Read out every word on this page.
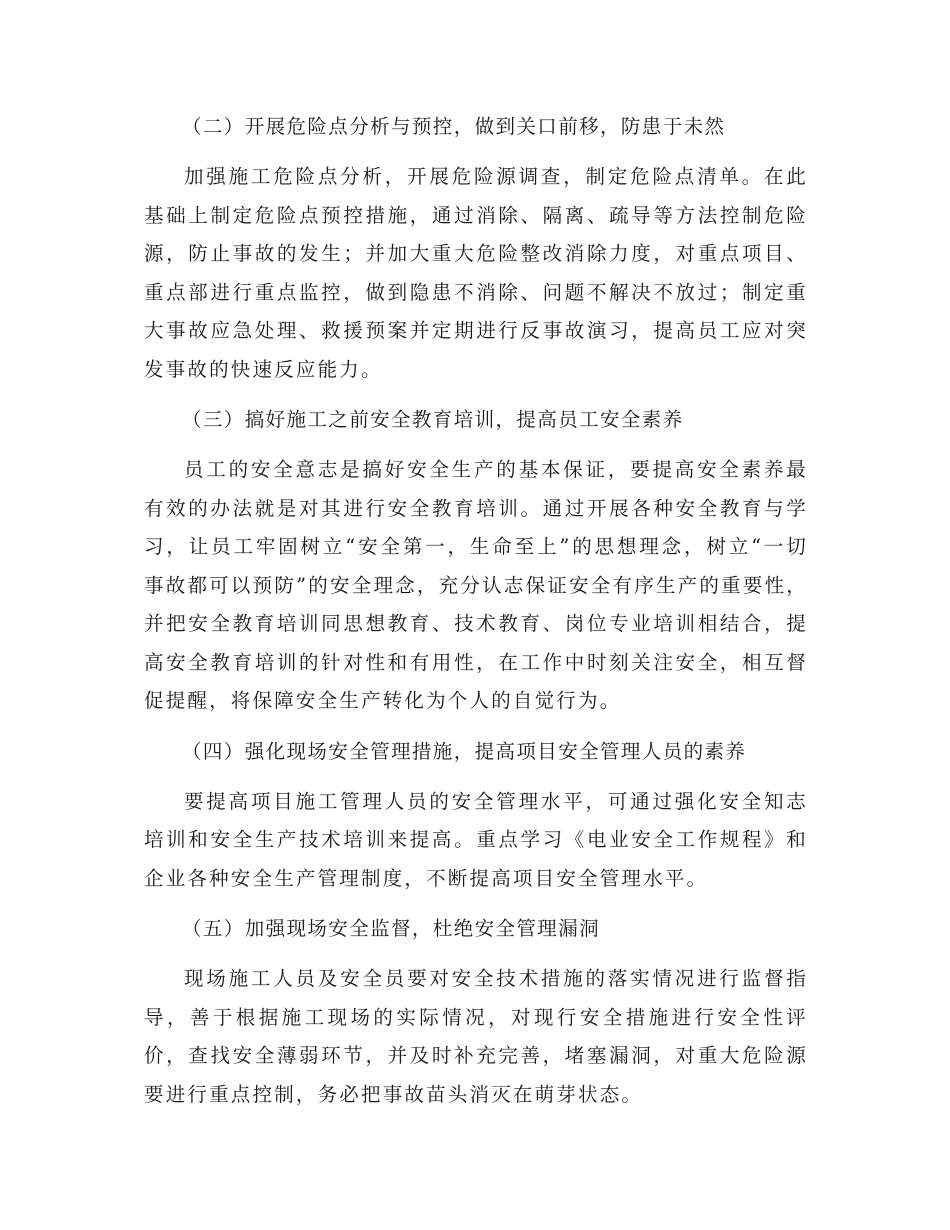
（二）开展危险点分析与预控，做到关口前移，防患于未然
加强施工危险点分析，开展危险源调查，制定危险点清单。在此基础上制定危险点预控措施，通过消除、隔离、疏导等方法控制危险源，防止事故的发生；并加大重大危险整改消除力度，对重点项目、重点部进行重点监控，做到隐患不消除、问题不解决不放过；制定重大事故应急处理、救援预案并定期进行反事故演习，提高员工应对突发事故的快速反应能力。
（三）搞好施工之前安全教育培训，提高员工安全素养
员工的安全意志是搞好安全生产的基本保证，要提高安全素养最有效的办法就是对其进行安全教育培训。通过开展各种安全教育与学习，让员工牢固树立“安全第一，生命至上”的思想理念，树立“一切事故都可以预防”的安全理念，充分认志保证安全有序生产的重要性，并把安全教育培训同思想教育、技术教育、岗位专业培训相结合，提高安全教育培训的针对性和有用性，在工作中时刻关注安全，相互督促提醒，将保障安全生产转化为个人的自觉行为。
（四）强化现场安全管理措施，提高项目安全管理人员的素养
要提高项目施工管理人员的安全管理水平，可通过强化安全知志培训和安全生产技术培训来提高。重点学习《电业安全工作规程》和企业各种安全生产管理制度，不断提高项目安全管理水平。
（五）加强现场安全监督，杜绝安全管理漏洞
现场施工人员及安全员要对安全技术措施的落实情况进行监督指导，善于根据施工现场的实际情况，对现行安全措施进行安全性评价，查找安全薄弱环节，并及时补充完善，堵塞漏洞，对重大危险源要进行重点控制，务必把事故苗头消灭在萌芽状态。
